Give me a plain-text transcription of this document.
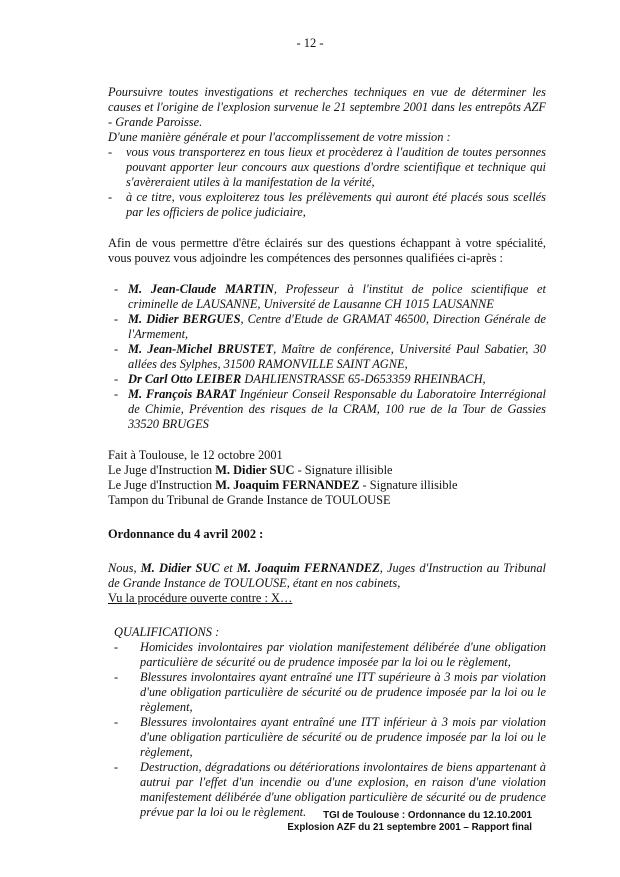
- 12 -

Poursuivre toutes investigations et recherches techniques en vue de déterminer les causes et l'origine de l'explosion survenue le 21 septembre 2001 dans les entrepôts AZF - Grande Paroisse.

D'une manière générale et pour l'accomplissement de votre mission :

- vous vous transporterez en tous lieux et procèderez à l'audition de toutes personnes pouvant apporter leur concours aux questions d'ordre scientifique et technique qui s'avèreraient utiles à la manifestation de la vérité,
- à ce titre, vous exploiterez tous les prélèvements qui auront été placés sous scellés par les officiers de police judiciaire,

Afin de vous permettre d'être éclairés sur des questions échappant à votre spécialité, vous pouvez vous adjoindre les compétences des personnes qualifiées ci-après :

- M. Jean-Claude MARTIN, Professeur à l'institut de police scientifique et criminelle de LAUSANNE, Université de Lausanne CH 1015 LAUSANNE
- M. Didier BERGUES, Centre d'Etude de GRAMAT 46500, Direction Générale de l'Armement,
- M. Jean-Michel BRUSTET, Maître de conférence, Université Paul Sabatier, 30 allées des Sylphes, 31500 RAMONVILLE SAINT AGNE,
- Dr Carl Otto LEIBER DAHLIENSTRASSE 65-D653359 RHEINBACH,
- M. François BARAT Ingénieur Conseil Responsable du Laboratoire Interrégional de Chimie, Prévention des risques de la CRAM, 100 rue de la Tour de Gassies 33520 BRUGES
Fait à Toulouse, le 12 octobre 2001
Le Juge d'Instruction M. Didier SUC - Signature illisible
Le Juge d'Instruction M. Joaquim FERNANDEZ - Signature illisible
Tampon du Tribunal de Grande Instance de TOULOUSE
Ordonnance du 4 avril 2002 :

Nous, M. Didier SUC et M. Joaquim FERNANDEZ, Juges d'Instruction au Tribunal de Grande Instance de TOULOUSE, étant en nos cabinets,

Vu la procédure ouverte contre : X…
QUALIFICATIONS :
- Homicides involontaires par violation manifestement délibérée d'une obligation particulière de sécurité ou de prudence imposée par la loi ou le règlement,
- Blessures involontaires ayant entraîné une ITT supérieure à 3 mois par violation d'une obligation particulière de sécurité ou de prudence imposée par la loi ou le règlement,
- Blessures involontaires ayant entraîné une ITT inférieur à 3 mois par violation d'une obligation particulière de sécurité ou de prudence imposée par la loi ou le règlement,
- Destruction, dégradations ou détériorations involontaires de biens appartenant à autrui par l'effet d'un incendie ou d'une explosion, en raison d'une violation manifestement délibérée d'une obligation particulière de sécurité ou de prudence prévue par la loi ou le règlement.	TGI de Toulouse : Ordonnance du 12.10.2001
Explosion AZF du 21 septembre 2001 – Rapport final
